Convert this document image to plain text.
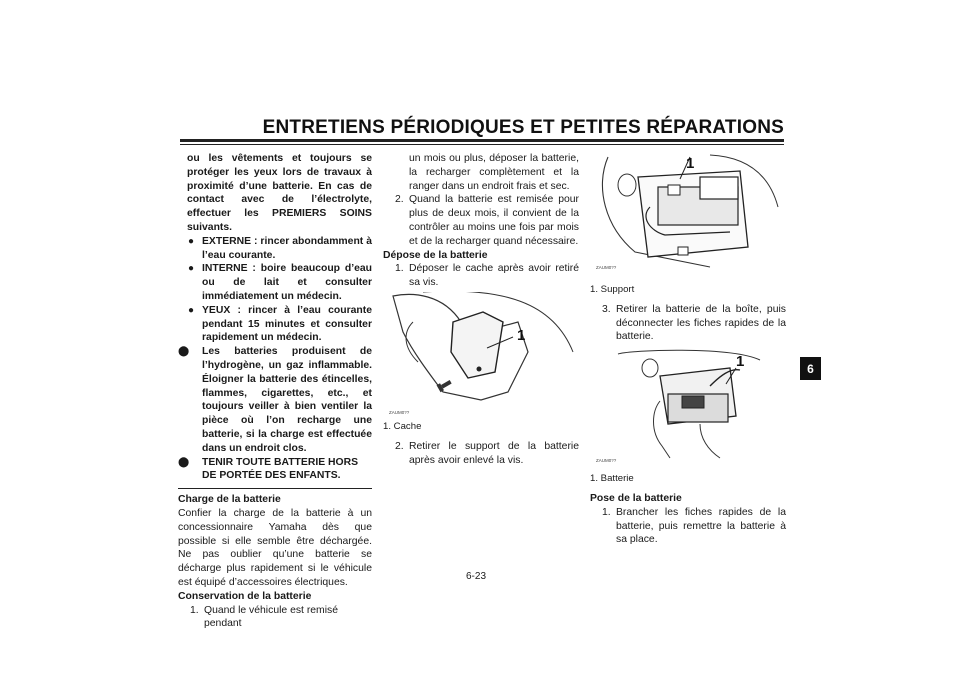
ENTRETIENS PÉRIODIQUES ET PETITES RÉPARATIONS
6
ou les vêtements et toujours se protéger les yeux lors de travaux à proximité d’une batterie. En cas de contact avec de l’électrolyte, effectuer les PREMIERS SOINS suivants.
● EXTERNE : rincer abondamment à l’eau courante.
● INTERNE : boire beaucoup d’eau ou de lait et consulter immédiatement un médecin.
● YEUX : rincer à l’eau courante pendant 15 minutes et consulter rapidement un médecin.
⬤ Les batteries produisent de l’hydrogène, un gaz inflammable. Éloigner la batterie des étincelles, flammes, cigarettes, etc., et toujours veiller à bien ventiler la pièce où l’on recharge une batterie, si la charge est effectuée dans un endroit clos.
⬤ TENIR TOUTE BATTERIE HORS DE PORTÉE DES ENFANTS.
Charge de la batterie
Confier la charge de la batterie à un concessionnaire Yamaha dès que possible si elle semble être déchargée. Ne pas oublier qu’une batterie se décharge plus rapidement si le véhicule est équipé d’accessoires électriques.
Conservation de la batterie
1. Quand le véhicule est remisé pendant
un mois ou plus, déposer la batterie, la recharger complètement et la ranger dans un endroit frais et sec.
2. Quand la batterie est remisée pour plus de deux mois, il convient de la contrôler au moins une fois par mois et de la recharger quand nécessaire.
Dépose de la batterie
1. Déposer le cache après avoir retiré sa vis.
1
ZAUM0??
1. Cache
2. Retirer le support de la batterie après avoir enlevé la vis.
1
ZAUM0??
1. Support
3. Retirer la batterie de la boîte, puis déconnecter les fiches rapides de la batterie.
1
ZAUM0??
1. Batterie
Pose de la batterie
1. Brancher les fiches rapides de la batterie, puis remettre la batterie à sa place.
6-23
